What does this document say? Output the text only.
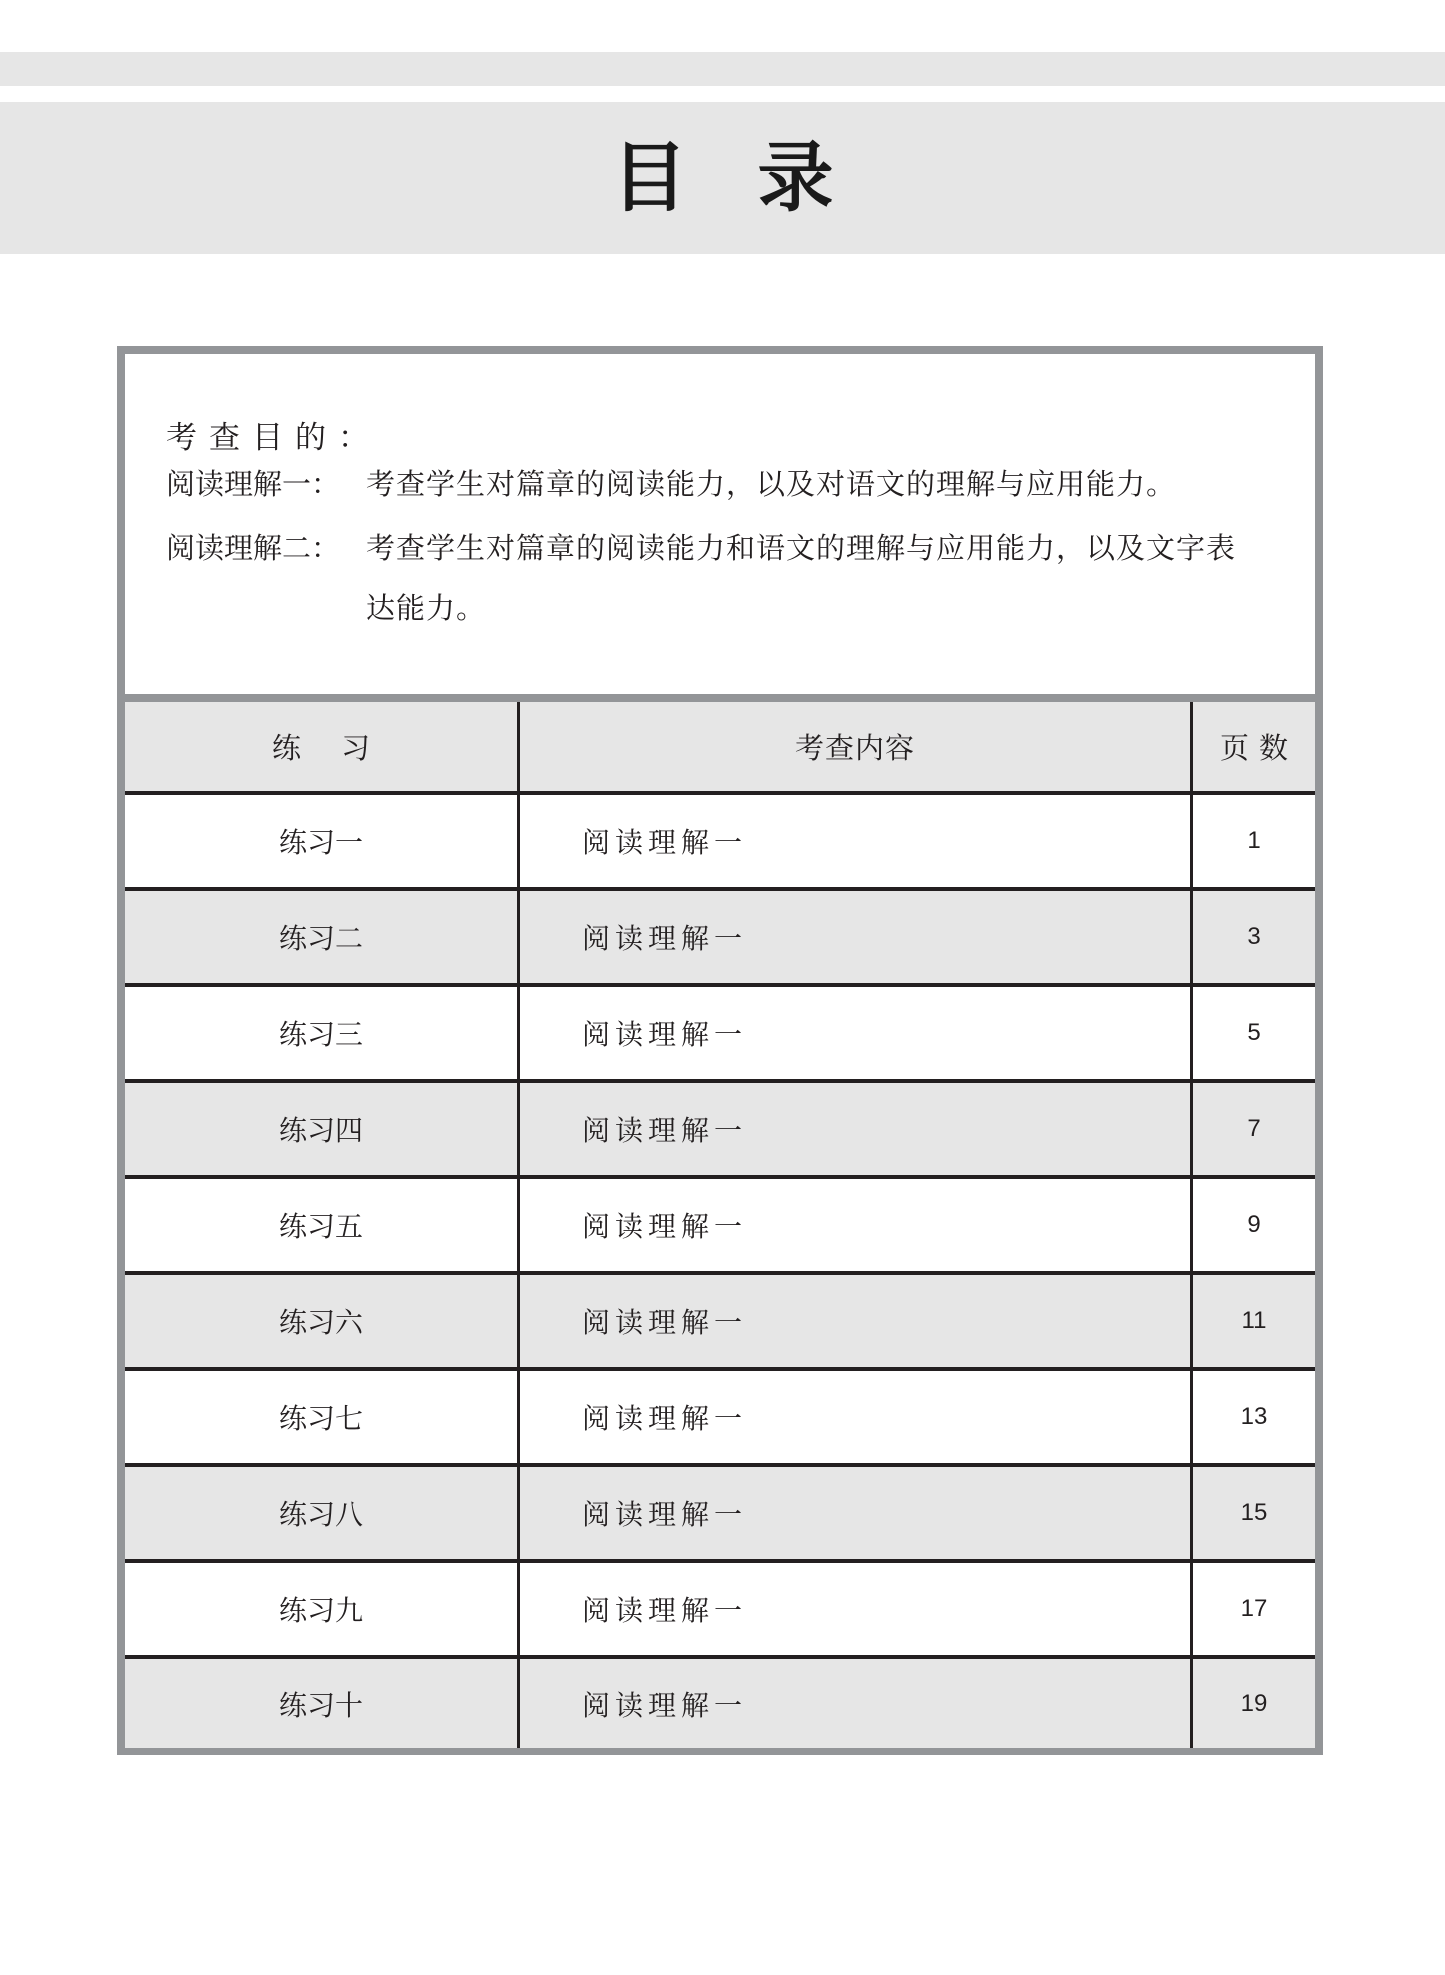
目录
考查目的：
阅读理解一： 考查学生对篇章的阅读能力，以及对语文的理解与应用能力。
阅读理解二： 考查学生对篇章的阅读能力和语文的理解与应用能力，以及文字表达能力。
练习	考查内容	页数
练习一	阅读理解一	1
练习二	阅读理解一	3
练习三	阅读理解一	5
练习四	阅读理解一	7
练习五	阅读理解一	9
练习六	阅读理解一	11
练习七	阅读理解一	13
练习八	阅读理解一	15
练习九	阅读理解一	17
练习十	阅读理解一	19
